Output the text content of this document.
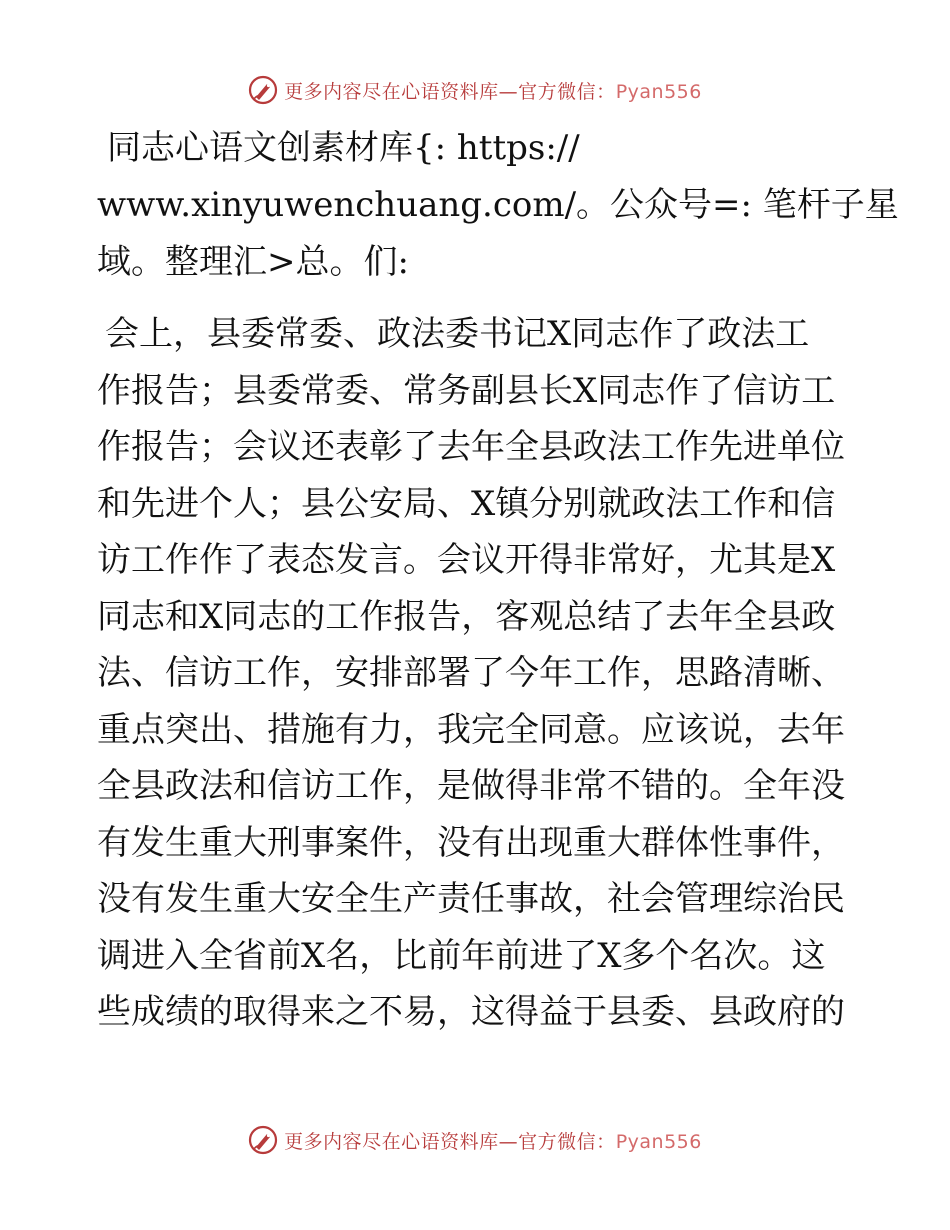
更多内容尽在心语资料库—官方微信：Pyan556
同志心语文创素材库{: https://
www.xinyuwenchuang.com/。公众号=: 笔杆子星
域。整理汇>总。们:
会上，县委常委、政法委书记X同志作了政法工
作报告；县委常委、常务副县长X同志作了信访工
作报告；会议还表彰了去年全县政法工作先进单位
和先进个人；县公安局、X镇分别就政法工作和信
访工作作了表态发言。会议开得非常好，尤其是X
同志和X同志的工作报告，客观总结了去年全县政
法、信访工作，安排部署了今年工作，思路清晰、
重点突出、措施有力，我完全同意。应该说，去年
全县政法和信访工作，是做得非常不错的。全年没
有发生重大刑事案件，没有出现重大群体性事件，
没有发生重大安全生产责任事故，社会管理综治民
调进入全省前X名，比前年前进了X多个名次。这
些成绩的取得来之不易，这得益于县委、县政府的
更多内容尽在心语资料库—官方微信：Pyan556
